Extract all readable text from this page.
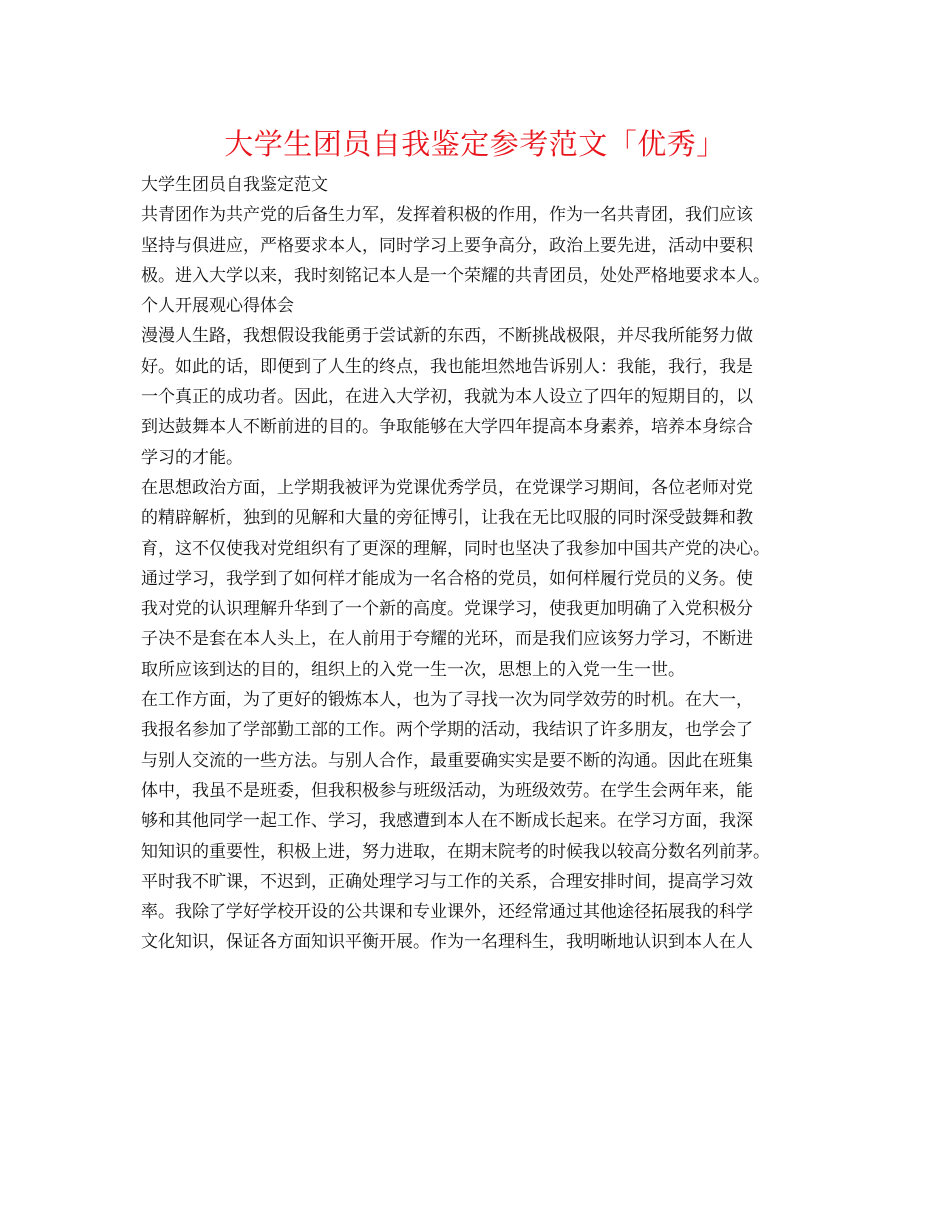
大学生团员自我鉴定参考范文「优秀」

大学生团员自我鉴定范文

共青团作为共产党的后备生力军，发挥着积极的作用，作为一名共青团，我们应该
坚持与俱进应，严格要求本人，同时学习上要争高分，政治上要先进，活动中要积
极。进入大学以来，我时刻铭记本人是一个荣耀的共青团员，处处严格地要求本人。

个人开展观心得体会

漫漫人生路，我想假设我能勇于尝试新的东西，不断挑战极限，并尽我所能努力做
好。如此的话，即便到了人生的终点，我也能坦然地告诉别人：我能，我行，我是
一个真正的成功者。因此，在进入大学初，我就为本人设立了四年的短期目的，以
到达鼓舞本人不断前进的目的。争取能够在大学四年提高本身素养，培养本身综合
学习的才能。

在思想政治方面，上学期我被评为党课优秀学员，在党课学习期间，各位老师对党
的精辟解析，独到的见解和大量的旁征博引，让我在无比叹服的同时深受鼓舞和教
育，这不仅使我对党组织有了更深的理解，同时也坚决了我参加中国共产党的决心。
通过学习，我学到了如何样才能成为一名合格的党员，如何样履行党员的义务。使
我对党的认识理解升华到了一个新的高度。党课学习，使我更加明确了入党积极分
子决不是套在本人头上，在人前用于夸耀的光环，而是我们应该努力学习，不断进
取所应该到达的目的，组织上的入党一生一次，思想上的入党一生一世。

在工作方面，为了更好的锻炼本人，也为了寻找一次为同学效劳的时机。在大一，
我报名参加了学部勤工部的工作。两个学期的活动，我结识了许多朋友，也学会了
与别人交流的一些方法。与别人合作，最重要确实实是要不断的沟通。因此在班集
体中，我虽不是班委，但我积极参与班级活动，为班级效劳。在学生会两年来，能
够和其他同学一起工作、学习，我感遭到本人在不断成长起来。在学习方面，我深
知知识的重要性，积极上进，努力进取，在期末院考的时候我以较高分数名列前茅。
平时我不旷课，不迟到，正确处理学习与工作的关系，合理安排时间，提高学习效
率。我除了学好学校开设的公共课和专业课外，还经常通过其他途径拓展我的科学
文化知识，保证各方面知识平衡开展。作为一名理科生，我明晰地认识到本人在人
